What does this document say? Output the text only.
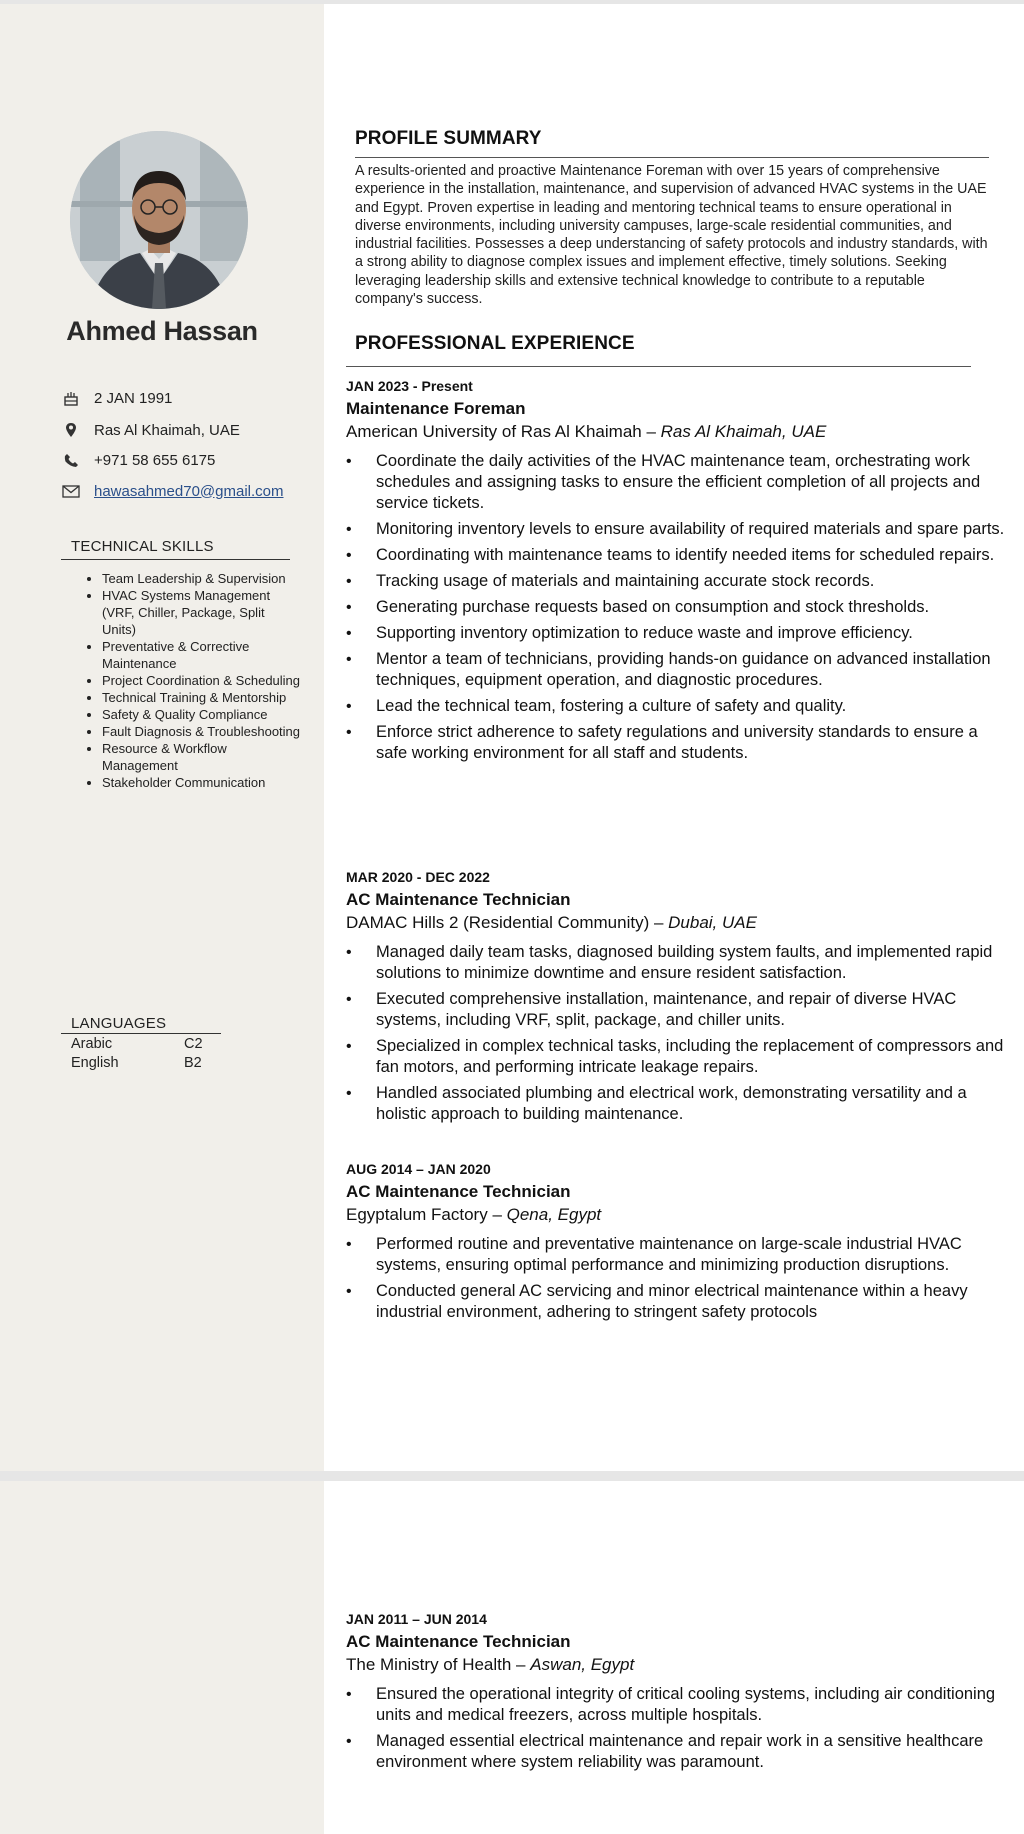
Ahmed Hassan
2 JAN 1991
Ras Al Khaimah, UAE
+971 58 655 6175
hawasahmed70@gmail.com
TECHNICAL SKILLS
• Team Leadership & Supervision
• HVAC Systems Management (VRF, Chiller, Package, Split Units)
• Preventative & Corrective Maintenance
• Project Coordination & Scheduling
• Technical Training & Mentorship
• Safety & Quality Compliance
• Fault Diagnosis & Troubleshooting
• Resource & Workflow Management
• Stakeholder Communication
LANGUAGES
Arabic	C2
English	B2
PROFILE SUMMARY

A results-oriented and proactive Maintenance Foreman with over 15 years of comprehensive experience in the installation, maintenance, and supervision of advanced HVAC systems in the UAE and Egypt. Proven expertise in leading and mentoring technical teams to ensure operational in diverse environments, including university campuses, large-scale residential communities, and industrial facilities. Possesses a deep understancing of safety protocols and industry standards, with a strong ability to diagnose complex issues and implement effective, timely solutions. Seeking leveraging leadership skills and extensive technical knowledge to contribute to a reputable company's success.

PROFESSIONAL EXPERIENCE
JAN 2023 - Present
Maintenance Foreman
American University of Ras Al Khaimah – Ras Al Khaimah, UAE
• Coordinate the daily activities of the HVAC maintenance team, orchestrating work schedules and assigning tasks to ensure the efficient completion of all projects and service tickets.
• Monitoring inventory levels to ensure availability of required materials and spare parts.
• Coordinating with maintenance teams to identify needed items for scheduled repairs.
• Tracking usage of materials and maintaining accurate stock records.
• Generating purchase requests based on consumption and stock thresholds.
• Supporting inventory optimization to reduce waste and improve efficiency.
• Mentor a team of technicians, providing hands-on guidance on advanced installation techniques, equipment operation, and diagnostic procedures.
• Lead the technical team, fostering a culture of safety and quality.
• Enforce strict adherence to safety regulations and university standards to ensure a safe working environment for all staff and students.
MAR 2020 - DEC 2022
AC Maintenance Technician
DAMAC Hills 2 (Residential Community) – Dubai, UAE
• Managed daily team tasks, diagnosed building system faults, and implemented rapid solutions to minimize downtime and ensure resident satisfaction.
• Executed comprehensive installation, maintenance, and repair of diverse HVAC systems, including VRF, split, package, and chiller units.
• Specialized in complex technical tasks, including the replacement of compressors and fan motors, and performing intricate leakage repairs.
• Handled associated plumbing and electrical work, demonstrating versatility and a holistic approach to building maintenance.
AUG 2014 – JAN 2020
AC Maintenance Technician
Egyptalum Factory – Qena, Egypt
• Performed routine and preventative maintenance on large-scale industrial HVAC systems, ensuring optimal performance and minimizing production disruptions.
• Conducted general AC servicing and minor electrical maintenance within a heavy industrial environment, adhering to stringent safety protocols
JAN 2011 – JUN 2014
AC Maintenance Technician
The Ministry of Health – Aswan, Egypt
• Ensured the operational integrity of critical cooling systems, including air conditioning units and medical freezers, across multiple hospitals.
• Managed essential electrical maintenance and repair work in a sensitive healthcare environment where system reliability was paramount.
